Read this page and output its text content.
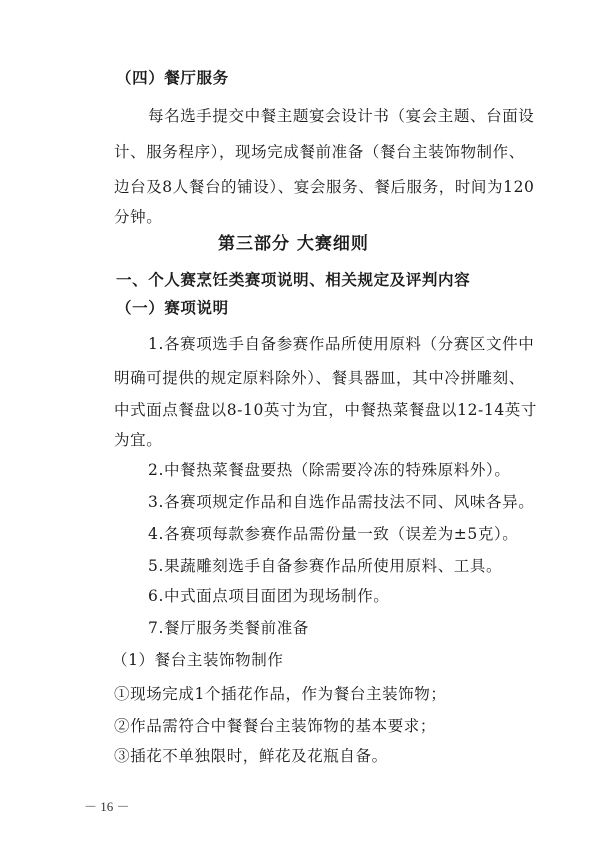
（四）餐厅服务
每名选手提交中餐主题宴会设计书（宴会主题、台面设
计、服务程序），现场完成餐前准备（餐台主装饰物制作、
边台及8人餐台的铺设）、宴会服务、餐后服务，时间为120
分钟。
第三部分 大赛细则
一、个人赛烹饪类赛项说明、相关规定及评判内容
（一）赛项说明
1.各赛项选手自备参赛作品所使用原料（分赛区文件中
明确可提供的规定原料除外）、餐具器皿，其中冷拼雕刻、
中式面点餐盘以8-10英寸为宜，中餐热菜餐盘以12-14英寸
为宜。
2.中餐热菜餐盘要热（除需要冷冻的特殊原料外）。
3.各赛项规定作品和自选作品需技法不同、风味各异。
4.各赛项每款参赛作品需份量一致（误差为±5克）。
5.果蔬雕刻选手自备参赛作品所使用原料、工具。
6.中式面点项目面团为现场制作。
7.餐厅服务类餐前准备
（1）餐台主装饰物制作
①现场完成1个插花作品，作为餐台主装饰物；
②作品需符合中餐餐台主装饰物的基本要求；
③插花不单独限时，鲜花及花瓶自备。
－ 16 －
